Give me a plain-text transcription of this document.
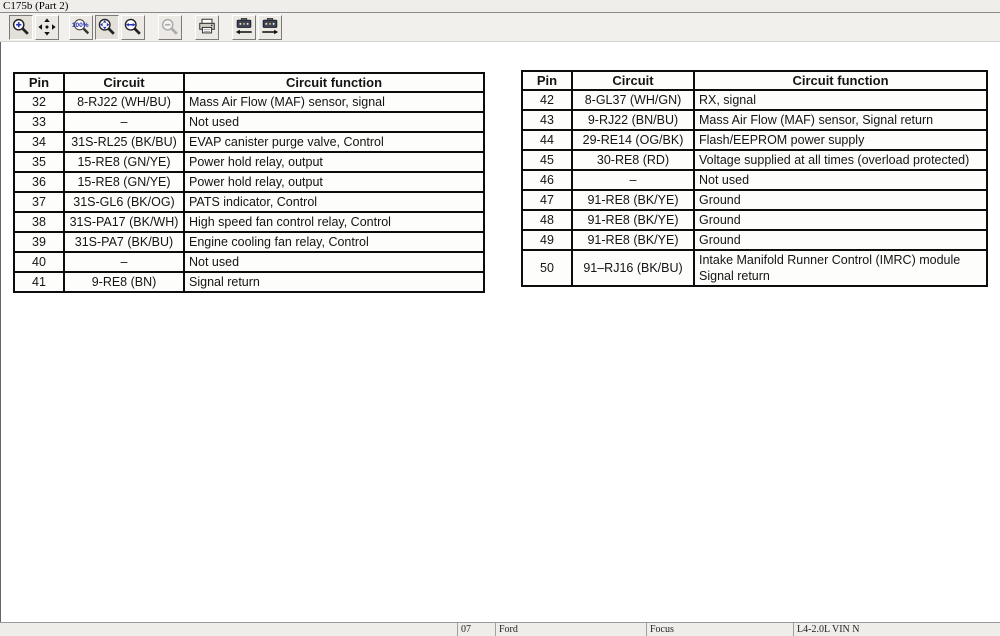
C175b (Part 2)
100%
Pin	Circuit	Circuit function
32	8-RJ22 (WH/BU)	Mass Air Flow (MAF) sensor, signal
33	–	Not used
34	31S-RL25 (BK/BU)	EVAP canister purge valve, Control
35	15-RE8 (GN/YE)	Power hold relay, output
36	15-RE8 (GN/YE)	Power hold relay, output
37	31S-GL6 (BK/OG)	PATS indicator, Control
38	31S-PA17 (BK/WH)	High speed fan control relay, Control
39	31S-PA7 (BK/BU)	Engine cooling fan relay, Control
40	–	Not used
41	9-RE8 (BN)	Signal return
Pin	Circuit	Circuit function
42	8-GL37 (WH/GN)	RX, signal
43	9-RJ22 (BN/BU)	Mass Air Flow (MAF) sensor, Signal return
44	29-RE14 (OG/BK)	Flash/EEPROM power supply
45	30-RE8 (RD)	Voltage supplied at all times (overload protected)
46	–	Not used
47	91-RE8 (BK/YE)	Ground
48	91-RE8 (BK/YE)	Ground
49	91-RE8 (BK/YE)	Ground
50	91–RJ16 (BK/BU)	Intake Manifold Runner Control (IMRC) module Signal return
07	Ford	Focus	L4-2.0L VIN N
